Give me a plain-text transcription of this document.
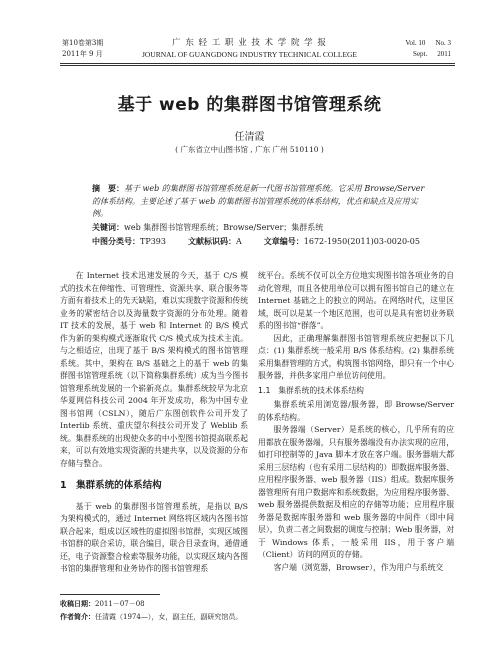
第10卷第3期
2011年 9 月
广 东 轻 工 职 业 技 术 学 院 学 报
JOURNAL OF GUANGDONG INDUSTRY TECHNICAL COLLEGE
Vol. 10 No. 3
Sept. 2011
基于 web 的集群图书馆管理系统
任清霞
( 广东省立中山图书馆 , 广东 广州 510110 )
摘　要：基于 web 的集群图书馆管理系统是新一代图书馆管理系统。它采用 Browse/Server 的体系结构。主要论述了基于 web 的集群图书馆管理系统的体系结构，优点和缺点及应用实例。
关键词：web 集群图书馆管理系统；Browse/Server；集群系统
中图分类号：TP393	文献标识码：A	文章编号：1672-1950(2011)03-0020-05

在 Internet 技术迅速发展的今天，基于 C/S 模式的技术在伸缩性、可管理性、资源共享、联合服务等方面有着技术上的先天缺陷，难以实现数字资源和传统业务的紧密结合以及海量数字资源的分布处理。随着 IT 技术的发展，基于 web 和 Internet 的 B/S 模式作为新的架构模式逐渐取代 C/S 模式成为技术主流。与之相适应，出现了基于 B/S 架构模式的图书馆管理系统。其中，架构在 B/S 基础之上的基于 web 的集群图书馆管理系统（以下简称集群系统）成为当今图书馆管理系统发展的一个崭新亮点。集群系统较早为北京华夏网信科技公司 2004 年开发成功，称为中国专业图书馆网（CSLN），随后广东图创软件公司开发了 Interlib 系统、重庆望尔科技公司开发了 Weblib 系统。集群系统的出现使众多的中小型图书馆提高联系起来，可以有效地实现资源的共建共享，以及资源的分布存储与整合。

1　集群系统的体系结构

基于 web 的集群图书馆管理系统，是指以 B/S 为架构模式的，通过 Internet 网络将区域内各图书馆联合起来，组成以区域性的虚拟图书馆群，实现区域图书馆群的联合采访，联合编目，联合目录查询，通借通还，电子资源整合检索等服务功能，以实现区域内各图书馆的集群管理和业务协作的图书馆管理系

统平台。系统不仅可以全方位地实现图书馆各项业务的自动化管理，而且各使用单位可以拥有图书馆自己的建立在 Internet 基础之上的独立的网站。在网络时代，这里区域，既可以是某一个地区范围，也可以是具有密切业务联系的图书馆“群落”。

因此，正确理解集群图书馆管理系统应把握以下几点：(1) 集群系统一般采用 B/S 体系结构。(2) 集群系统采用集群管理的方式，构筑图书馆网络，即只有一个中心服务器，并供多家用户单位访问使用。

1.1　集群系统的技术体系结构

集群系统采用浏览器/服务器，即 Browse/Server 的体系结构。

服务器端（Server）是系统的核心，几乎所有的应用都放在服务器端，只有服务器端没有办法实现的应用，如打印控制等的 Java 脚本才放在客户端。服务器端大都采用三层结构（也有采用二层结构的）即数据库服务器、应用程序服务器、web 服务器（IIS）组成。数据库服务器管理所有用户数据库和系统数据，为应用程序服务器、web 服务器提供数据及相应的存储等功能；应用程序服务器是数据库服务器和 web 服务器的中间件（即中间层），负责二者之间数据的调度与控制；Web 服务器，对于 Windows 体系，一般采用 IIS，用于客户端（Client）访问的网页的存储。

客户端（浏览器，Browser），作为用户与系统交

收稿日期：2011－07－08
作者简介：任清霞（1974—），女，副主任，副研究馆员。
